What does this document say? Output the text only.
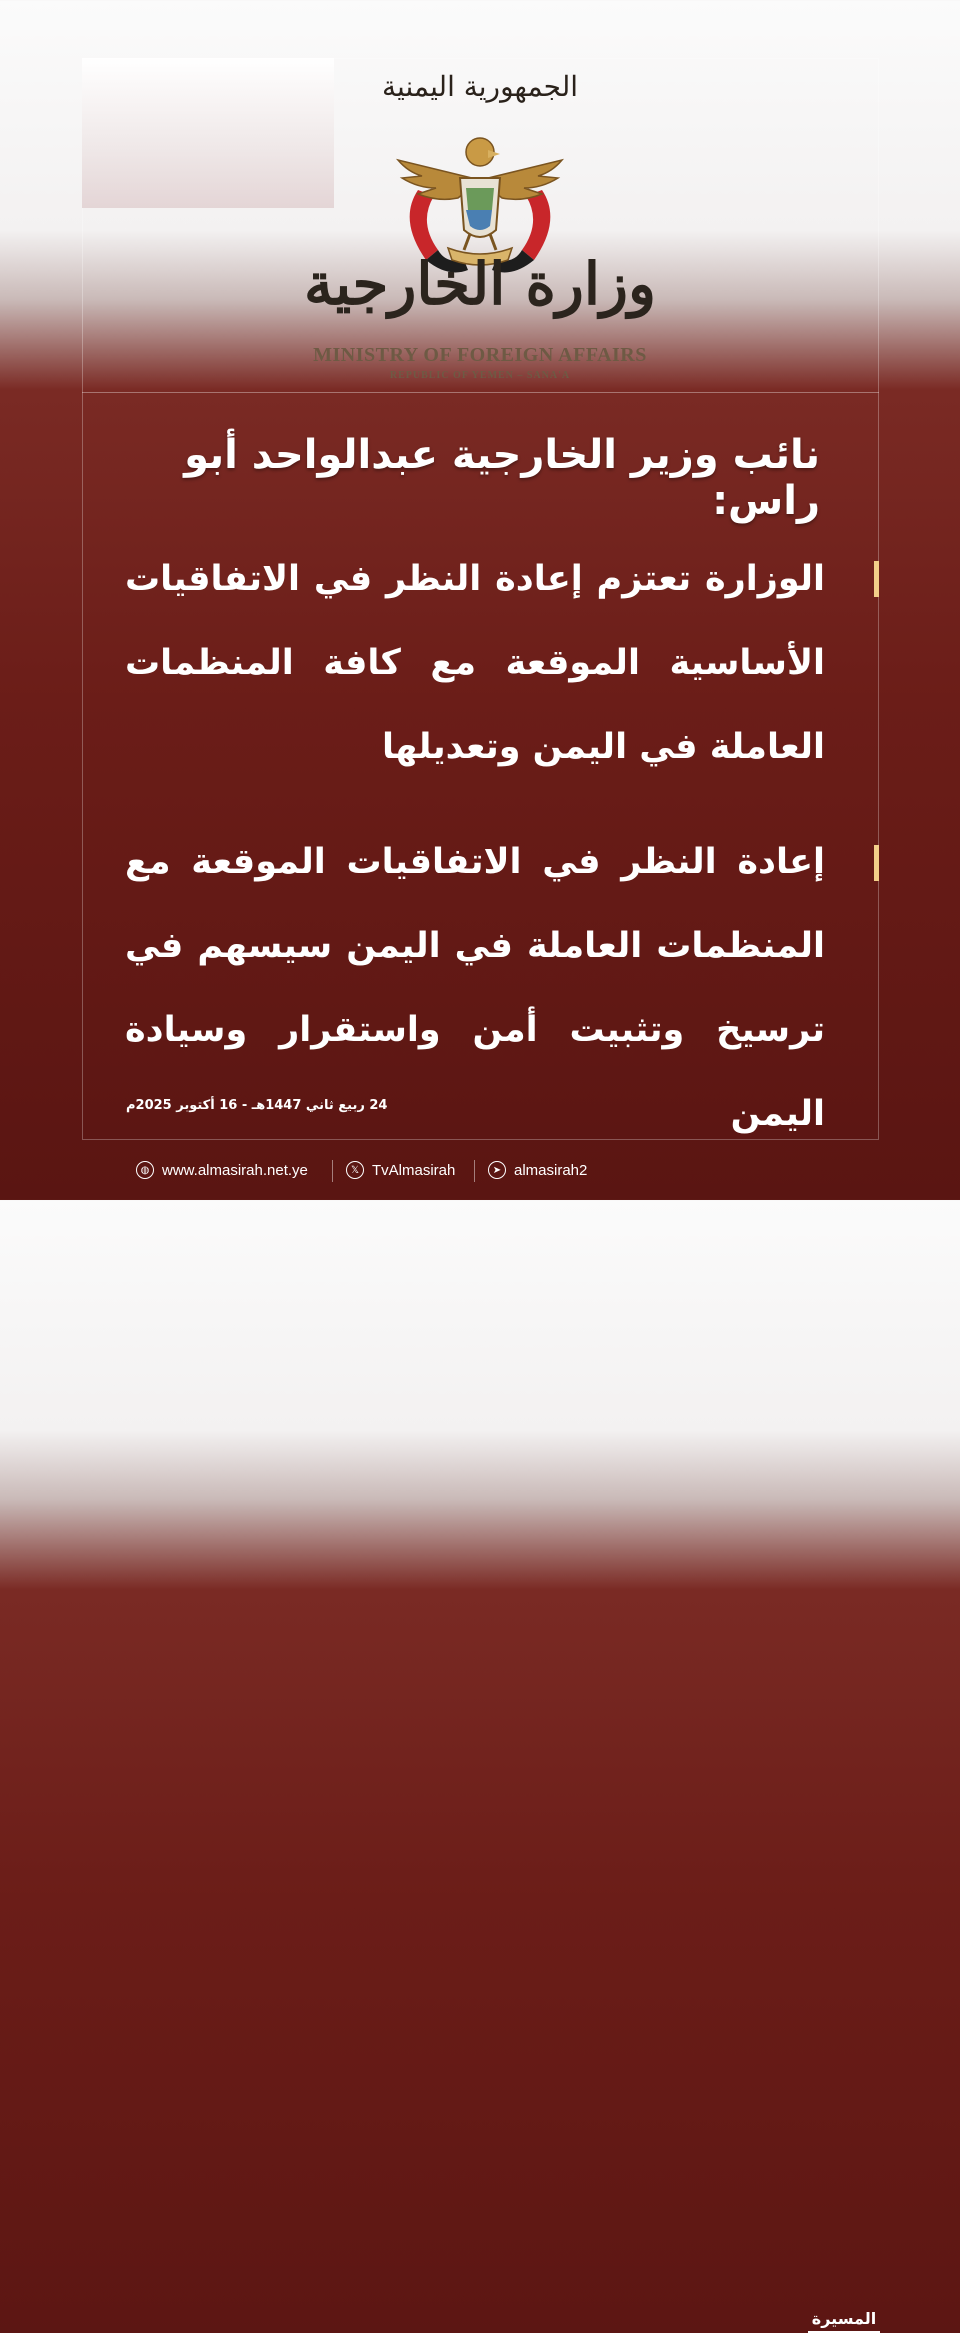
الجمهورية اليمنية
وزارة الخارجية
MINISTRY OF FOREIGN AFFAIRS
REPUBLIC OF YEMEN – SANA'A
نائب وزير الخارجية عبدالواحد أبو راس:
الوزارة تعتزم إعادة النظر في الاتفاقيات الأساسية الموقعة مع كافة المنظمات العاملة في اليمن وتعديلها
إعادة النظر في الاتفاقيات الموقعة مع المنظمات العاملة في اليمن سيسهم في ترسيخ وتثبيت أمن واستقرار وسيادة اليمن
24 ربيع ثاني 1447هـ - 16 أكتوبر 2025م
◍ www.almasirah.net.ye	𝕏 TvAlmasirah	➤ almasirah2
المسيرة
